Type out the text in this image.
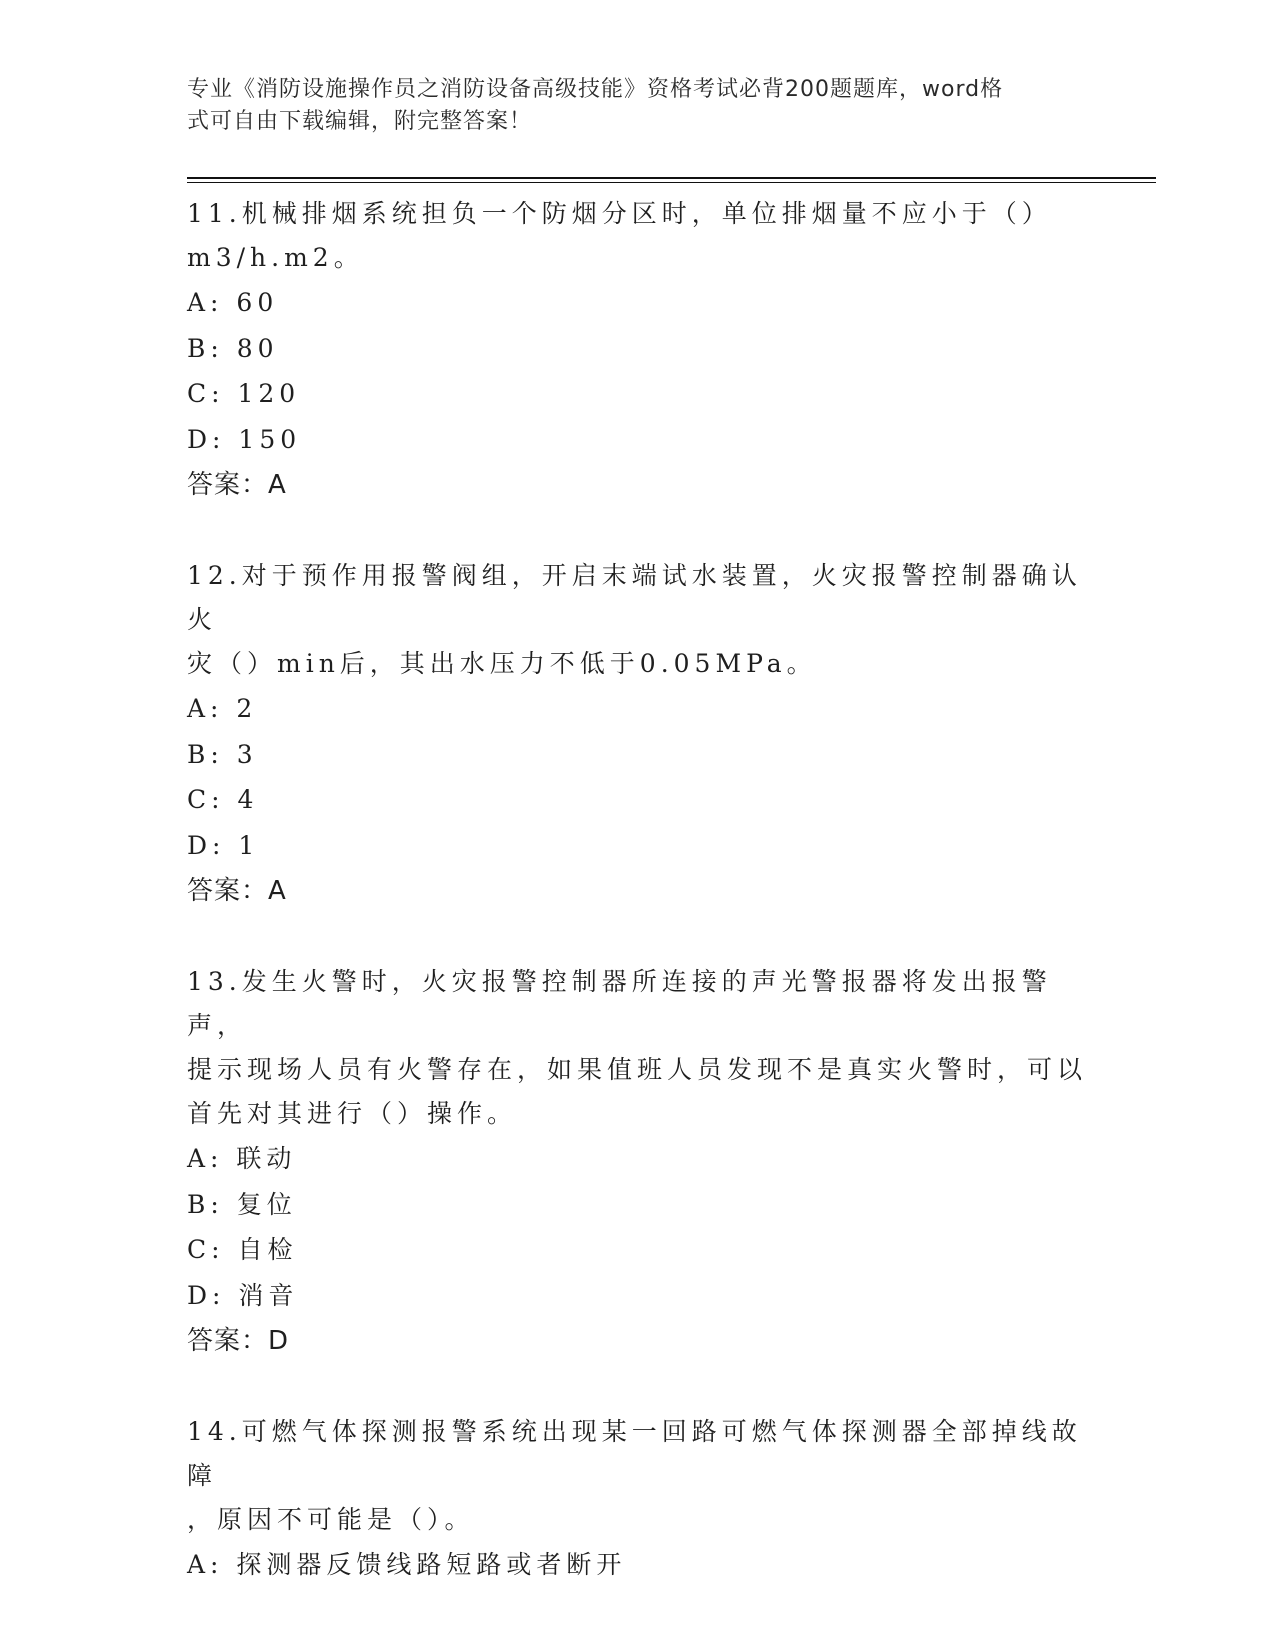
专业《消防设施操作员之消防设备高级技能》资格考试必背200题题库，word格
式可自由下载编辑，附完整答案！

11.机械排烟系统担负一个防烟分区时，单位排烟量不应小于（）

m3/h.m2。

A: 60

B: 80

C: 120

D: 150

答案：A

12.对于预作用报警阀组，开启末端试水装置，火灾报警控制器确认火

灾（）min后，其出水压力不低于0.05MPa。

A: 2

B: 3

C: 4

D: 1

答案：A

13.发生火警时，火灾报警控制器所连接的声光警报器将发出报警声，

提示现场人员有火警存在，如果值班人员发现不是真实火警时，可以

首先对其进行（）操作。

A: 联动

B: 复位

C: 自检

D: 消音

答案：D

14.可燃气体探测报警系统出现某一回路可燃气体探测器全部掉线故障

，原因不可能是（）。

A: 探测器反馈线路短路或者断开
